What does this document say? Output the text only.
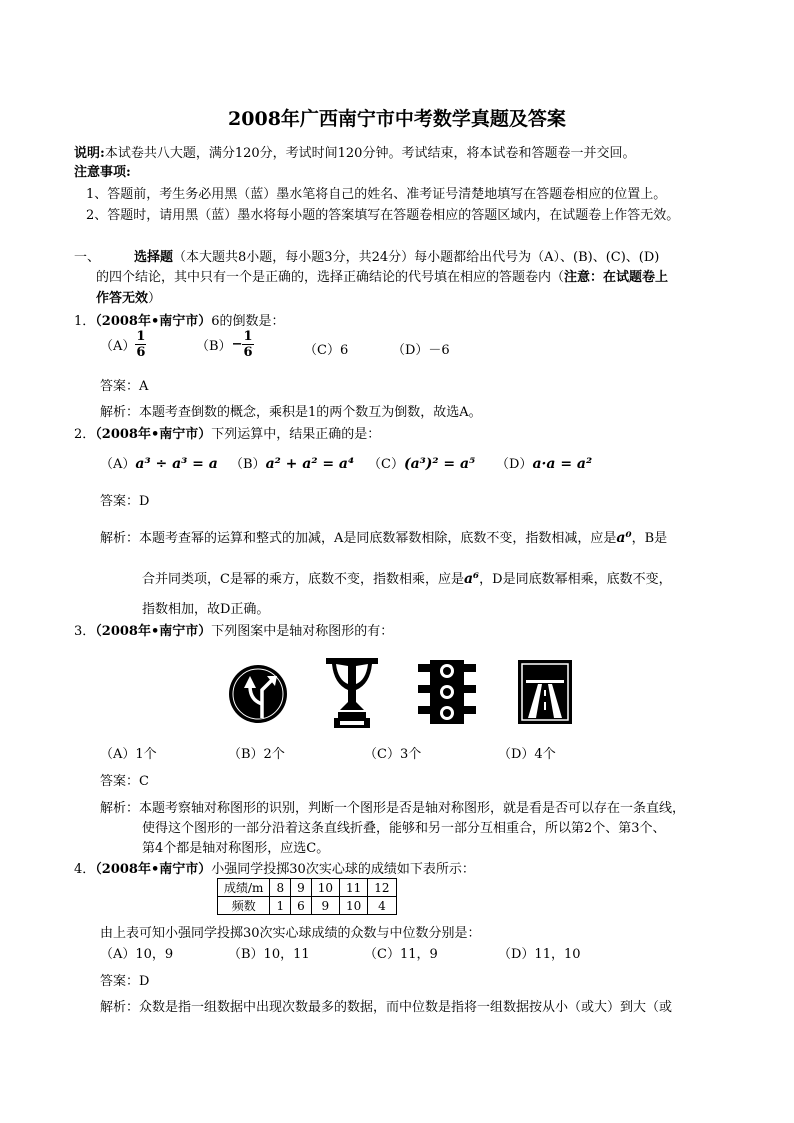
2008年广西南宁市中考数学真题及答案
说明:本试卷共八大题，满分120分，考试时间120分钟。考试结束，将本试卷和答题卷一并交回。
注意事项:
1、答题前，考生务必用黑（蓝）墨水笔将自己的姓名、准考证号清楚地填写在答题卷相应的位置上。
2、答题时，请用黑（蓝）墨水将每小题的答案填写在答题卷相应的答题区域内，在试题卷上作答无效。
一、	选择题（本大题共8小题，每小题3分，共24分）每小题都给出代号为（A）、(B)、(C)、(D)
的四个结论，其中只有一个是正确的，选择正确结论的代号填在相应的答题卷内（注意：在试题卷上
作答无效）
1．（2008年•南宁市）6的倒数是：
$(A) \frac{1}{6}$	$(B)- \frac{1}{6}$	（C）6	（D）－6
答案：A
解析：本题考查倒数的概念，乘积是1的两个数互为倒数，故选A。
2．（2008年•南宁市）下列运算中，结果正确的是：
（A）a³ ÷ a³ = a （B）a² + a² = a⁴ （C）(a³)² = a⁵ （D）a·a = a²
答案：D
解析：本题考查幂的运算和整式的加减，A是同底数幂数相除，底数不变，指数相减，应是a⁰，B是
合并同类项，C是幂的乘方，底数不变，指数相乘，应是a⁶，D是同底数幂相乘，底数不变，
指数相加，故D正确。
3．（2008年•南宁市）下列图案中是轴对称图形的有：
（A）1个	（B）2个	（C）3个	（D）4个
答案：C
解析：本题考察轴对称图形的识别，判断一个图形是否是轴对称图形，就是看是否可以存在一条直线，
使得这个图形的一部分沿着这条直线折叠，能够和另一部分互相重合，所以第2个、第3个、
第4个都是轴对称图形，应选C。
4．（2008年•南宁市）小强同学投掷30次实心球的成绩如下表所示：
成绩/m	8	9	10	11	12
频数	1	6	9	10	4
由上表可知小强同学投掷30次实心球成绩的众数与中位数分别是：
（A）10，9	（B）10，11	（C）11，9	（D）11，10
答案：D
解析：众数是指一组数据中出现次数最多的数据，而中位数是指将一组数据按从小（或大）到大（或
